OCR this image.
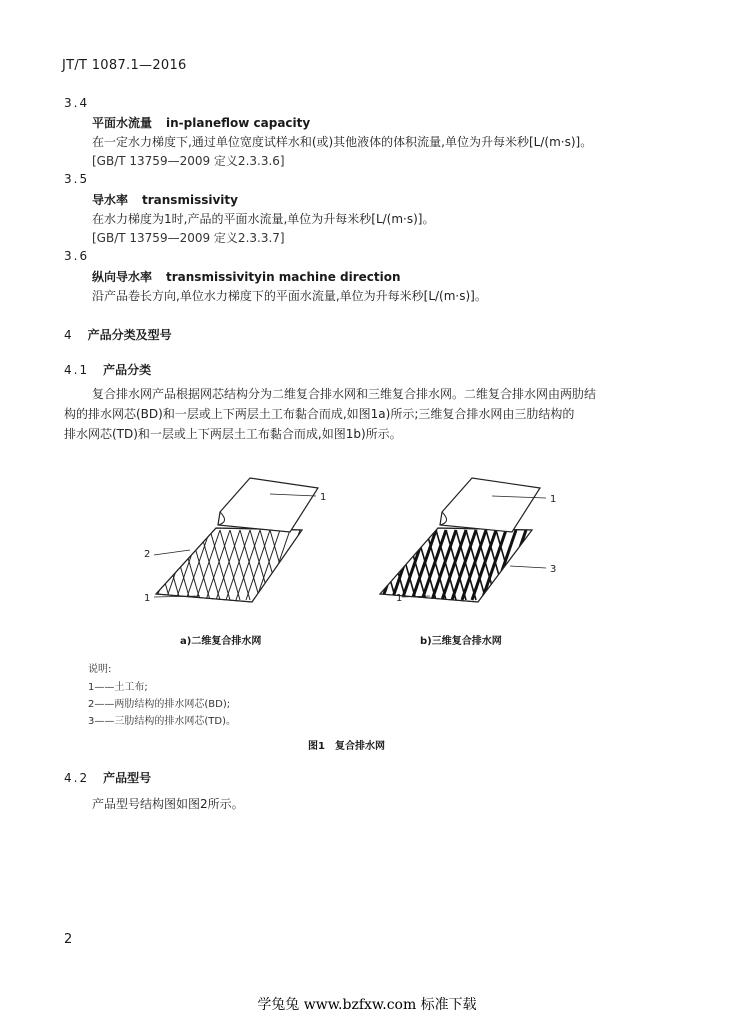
JT/T 1087.1—2016
3.4
平面水流量 in-planeflow capacity
在一定水力梯度下,通过单位宽度试样水和(或)其他液体的体积流量,单位为升每米秒[L/(m·s)]。
[GB/T 13759—2009 定义2.3.3.6]
3.5
导水率 transmissivity
在水力梯度为1时,产品的平面水流量,单位为升每米秒[L/(m·s)]。
[GB/T 13759—2009 定义2.3.3.7]
3.6
纵向导水率 transmissivityin machine direction
沿产品卷长方向,单位水力梯度下的平面水流量,单位为升每米秒[L/(m·s)]。
4 产品分类及型号
4.1 产品分类
复合排水网产品根据网芯结构分为二维复合排水网和三维复合排水网。二维复合排水网由两肋结
构的排水网芯(BD)和一层或上下两层土工布黏合而成,如图1a)所示;三维复合排水网由三肋结构的
排水网芯(TD)和一层或上下两层土工布黏合而成,如图1b)所示。
1
2
1
1
3
1
a)二维复合排水网	b)三维复合排水网
说明:
1——土工布;
2——两肋结构的排水网芯(BD);
3——三肋结构的排水网芯(TD)。
图1　复合排水网
4.2 产品型号
产品型号结构图如图2所示。
2
学兔兔 www.bzfxw.com 标准下载
